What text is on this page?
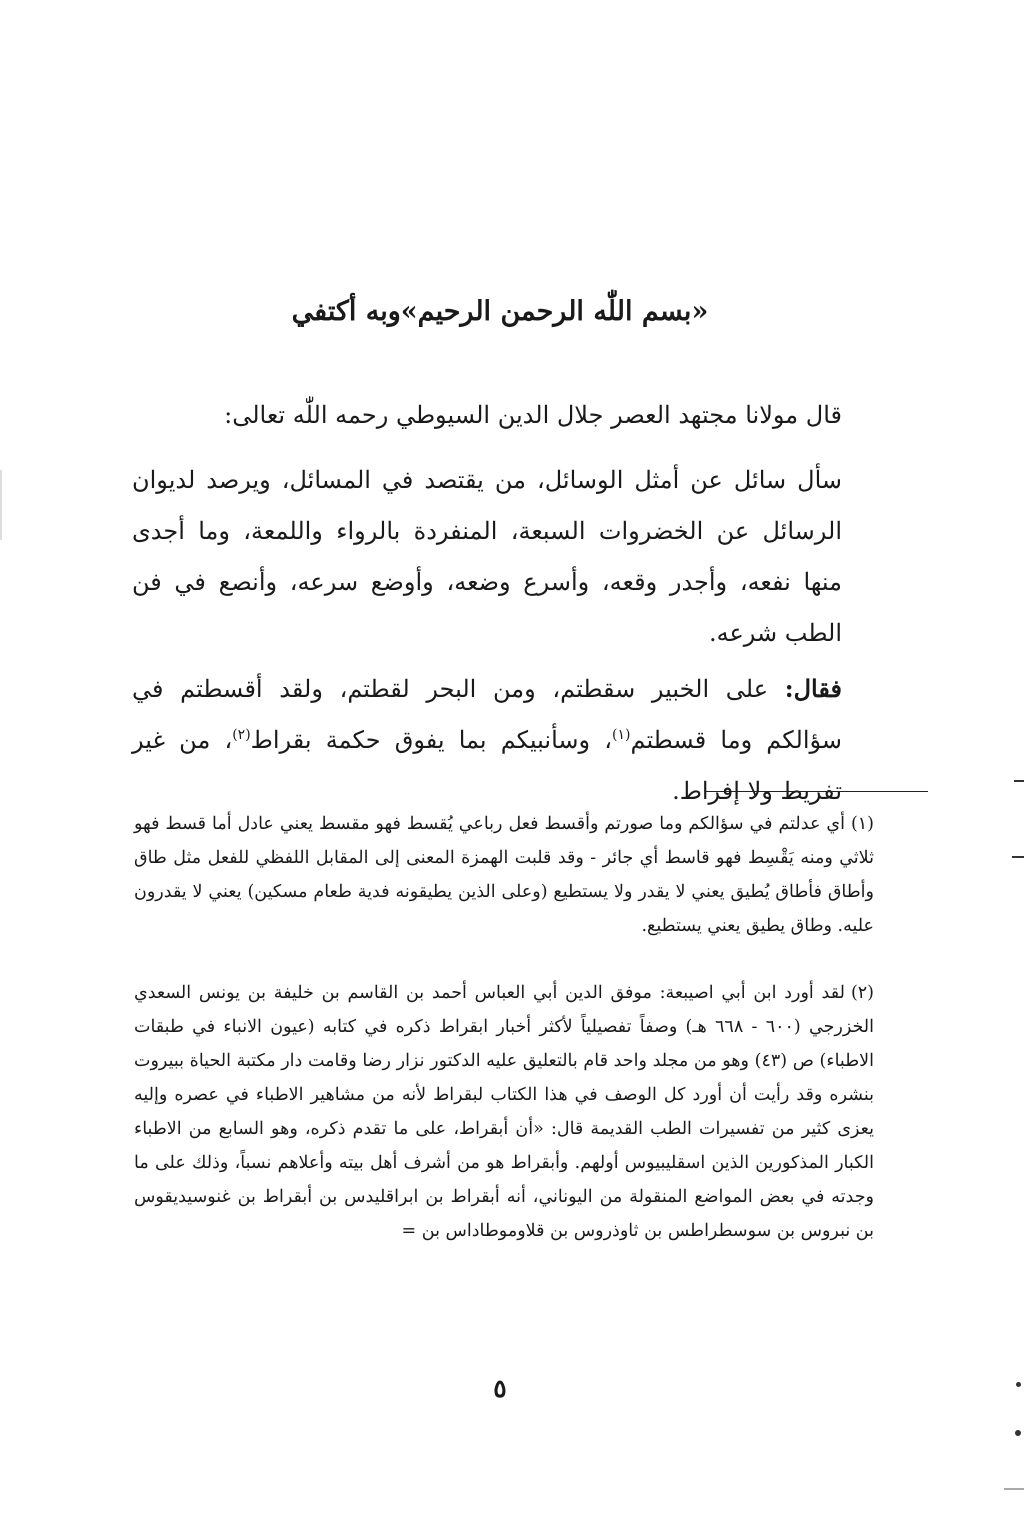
«بسم اللّٰه الرحمن الرحيم»وبه أكتفي
قال مولانا مجتهد العصر جلال الدين السيوطي رحمه اللّٰه تعالى:
سأل سائل عن أمثل الوسائل، من يقتصد في المسائل، ويرصد لديوان الرسائل عن الخضروات السبعة، المنفردة بالرواء واللمعة، وما أجدى منها نفعه، وأجدر وقعه، وأسرع وضعه، وأوضع سرعه، وأنصع في فن الطب شرعه.
فقال: على الخبير سقطتم، ومن البحر لقطتم، ولقد أقسطتم في سؤالكم وما قسطتم$^{(١)}$، وسأنبيكم بما يفوق حكمة بقراط$^{(٢)}$، من غير تفريط ولا إفراط.
(١)أي عدلتم في سؤالكم وما صورتم وأقسط فعل رباعي يُقسط فهو مقسط يعني عادل أما قسط فهو ثلاثي ومنه يَقْسِط فهو قاسط أي جائر - وقد قلبت الهمزة المعنى إلى المقابل اللفظي للفعل مثل طاق وأطاق فأطاق يُطيق يعني لا يقدر ولا يستطيع (وعلى الذين يطيقونه فدية طعام مسكين) يعني لا يقدرون عليه. وطاق يطيق يعني يستطيع.
(٢)لقد أورد ابن أبي اصيبعة: موفق الدين أبي العباس أحمد بن القاسم بن خليفة بن يونس السعدي الخزرجي (٦٠٠ - ٦٦٨ هـ) وصفاً تفصيلياً لأكثر أخبار ابقراط ذكره في كتابه (عيون الانباء في طبقات الاطباء) ص (٤٣) وهو من مجلد واحد قام بالتعليق عليه الدكتور نزار رضا وقامت دار مكتبة الحياة ببيروت بنشره وقد رأيت أن أورد كل الوصف في هذا الكتاب لبقراط لأنه من مشاهير الاطباء في عصره وإليه يعزى كثير من تفسيرات الطب القديمة قال: «أن أبقراط، على ما تقدم ذكره، وهو السابع من الاطباء الكبار المذكورين الذين اسقليبيوس أولهم. وأبقراط هو من أشرف أهل بيته وأعلاهم نسباً، وذلك على ما وجدته في بعض المواضع المنقولة من اليوناني، أنه أبقراط بن ابراقليدس بن أبقراط بن غنوسيديقوس بن نبروس بن سوسطراطس بن ثاوذروس بن قلاوموطاداس بن =
٥
